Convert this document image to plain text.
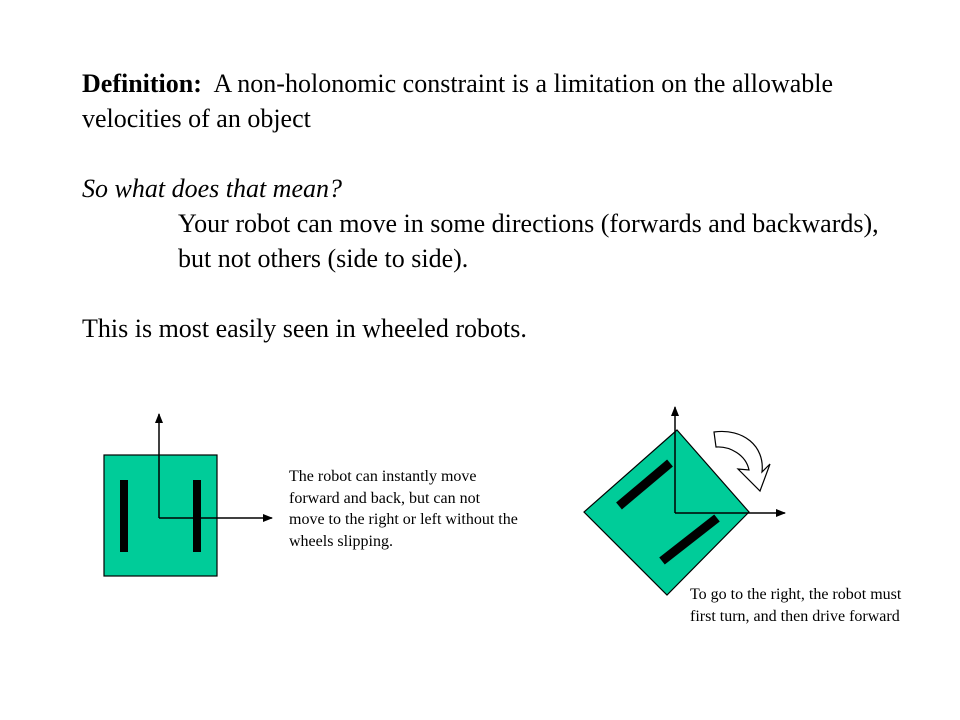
Definition: A non-holonomic constraint is a limitation on the allowable velocities of an object

So what does that mean?

Your robot can move in some directions (forwards and backwards), but not others (side to side).

This is most easily seen in wheeled robots.

The robot can instantly move forward and back, but can not move to the right or left without the wheels slipping.
To go to the right, the robot must first turn, and then drive forward
